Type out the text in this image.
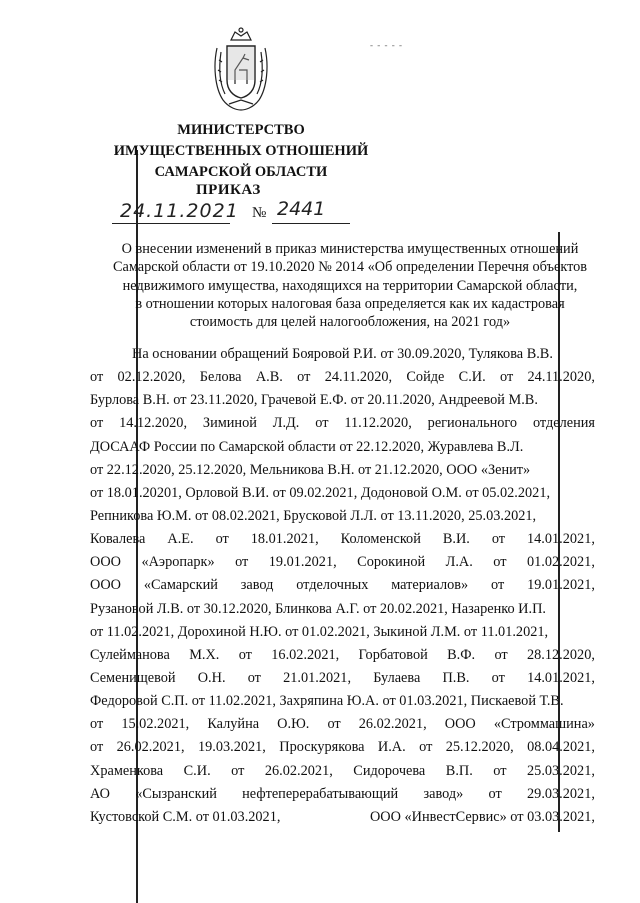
- - - - -
МИНИСТЕРСТВО
ИМУЩЕСТВЕННЫХ ОТНОШЕНИЙ
САМАРСКОЙ ОБЛАСТИ
ПРИКАЗ
24.11.2021 № 2441
О внесении изменений в приказ министерства имущественных отношений
Самарской области от 19.10.2020 № 2014 «Об определении Перечня объектов
недвижимого имущества, находящихся на территории Самарской области,
в отношении которых налоговая база определяется как их кадастровая
стоимость для целей налогообложения, на 2021 год»
На основании обращений Бояровой Р.И. от 30.09.2020, Тулякова В.В.
от 02.12.2020, Белова А.В. от 24.11.2020, Сойде С.И. от 24.11.2020,
Бурлова В.Н. от 23.11.2020, Грачевой Е.Ф. от 20.11.2020, Андреевой М.В.
от 14.12.2020, Зиминой Л.Д. от 11.12.2020, регионального отделения
ДОСААФ России по Самарской области от 22.12.2020, Журавлева В.Л.
от 22.12.2020, 25.12.2020, Мельникова В.Н. от 21.12.2020, ООО «Зенит»
от 18.01.20201, Орловой В.И. от 09.02.2021, Додоновой О.М. от 05.02.2021,
Репникова Ю.М. от 08.02.2021, Брусковой Л.Л. от 13.11.2020, 25.03.2021,
Ковалева А.Е. от 18.01.2021, Коломенской В.И. от 14.01.2021,
ООО «Аэропарк» от 19.01.2021, Сорокиной Л.А. от 01.02.2021,
ООО «Самарский завод отделочных материалов» от 19.01.2021,
Рузановой Л.В. от 30.12.2020, Блинкова А.Г. от 20.02.2021, Назаренко И.П.
от 11.02.2021, Дорохиной Н.Ю. от 01.02.2021, Зыкиной Л.М. от 11.01.2021,
Сулейманова М.Х. от 16.02.2021, Горбатовой В.Ф. от 28.12.2020,
Семенищевой О.Н. от 21.01.2021, Булаева П.В. от 14.01.2021,
Федоровой С.П. от 11.02.2021, Захряпина Ю.А. от 01.03.2021, Пискаевой Т.В.
от 15.02.2021, Калуйна О.Ю. от 26.02.2021, ООО «Строммашина»
от 26.02.2021, 19.03.2021, Проскурякова И.А. от 25.12.2020, 08.04.2021,
Храменкова С.И. от 26.02.2021, Сидорочева В.П. от 25.03.2021,
АО «Сызранский нефтеперерабатывающий завод» от 29.03.2021,
Кустовской С.М. от 01.03.2021,	ООО «ИнвестСервис» от 03.03.2021,
